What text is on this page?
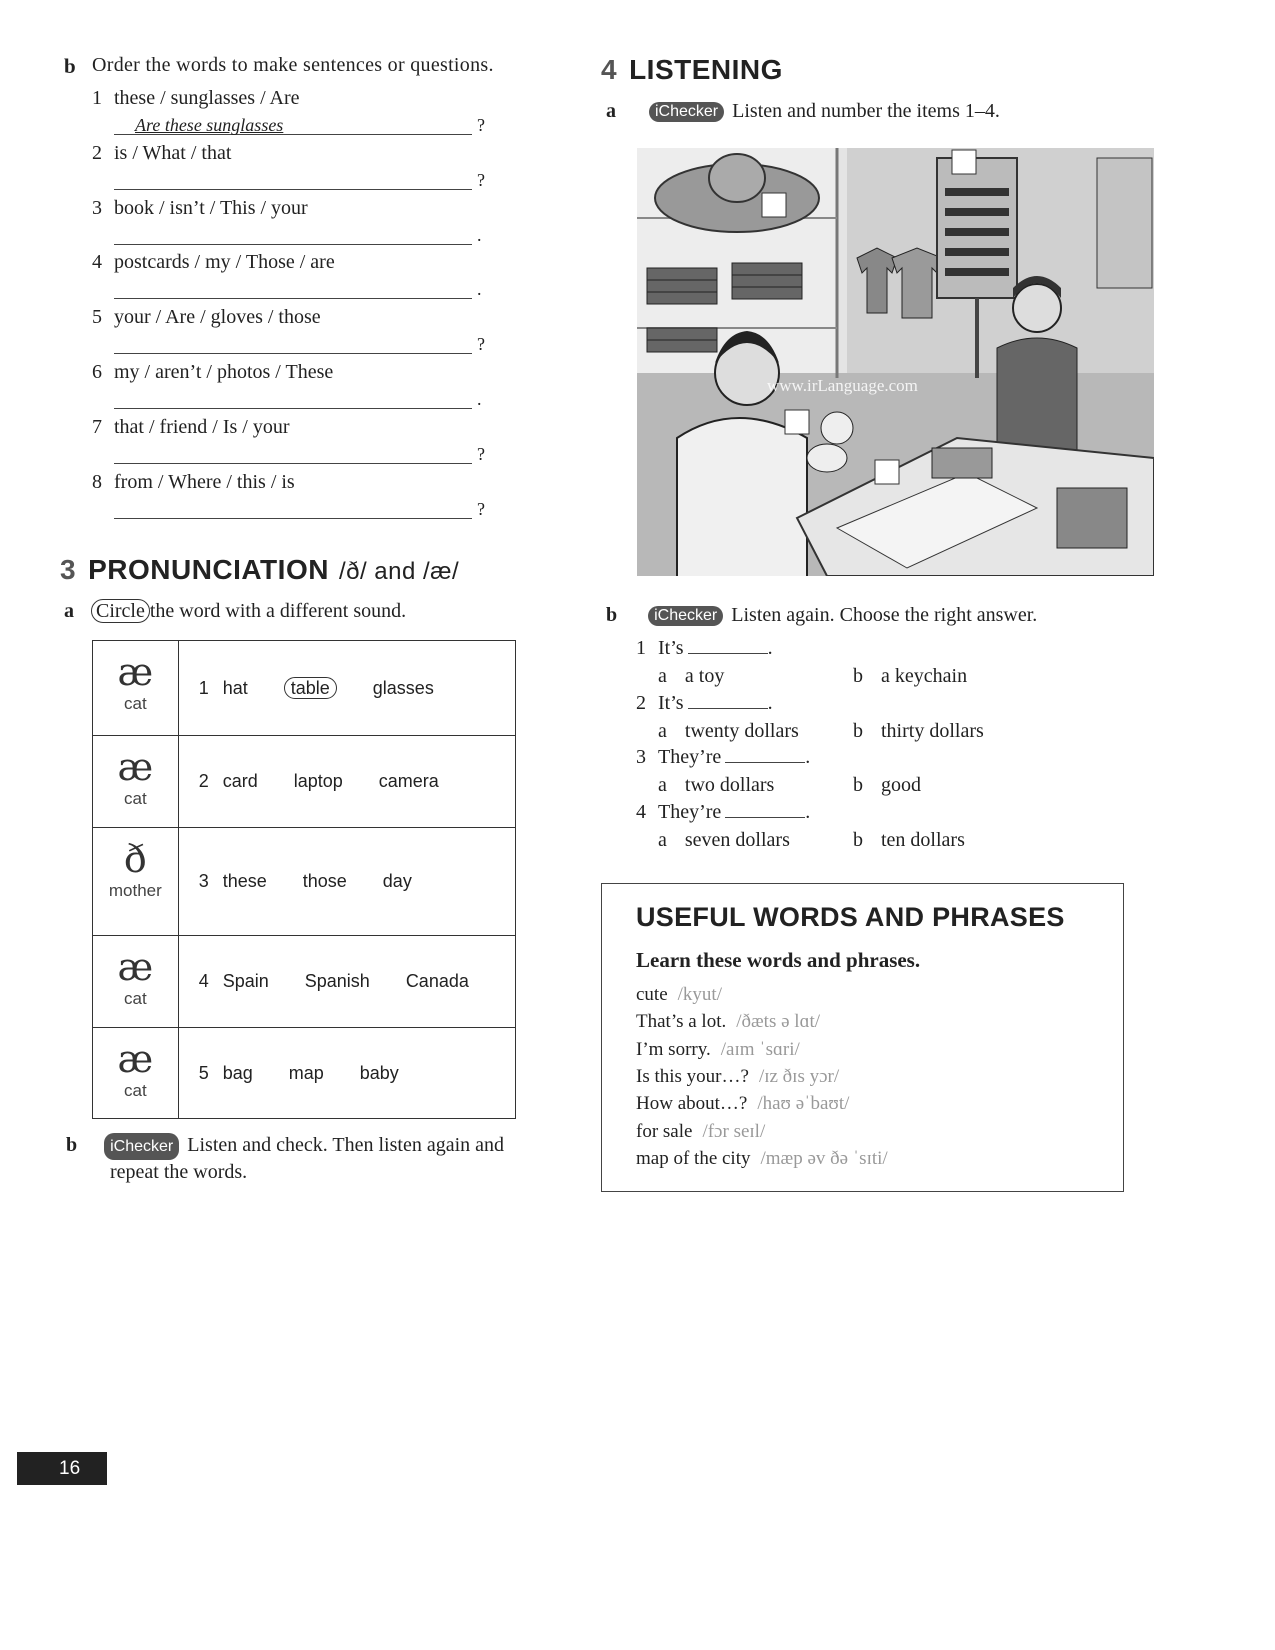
b Order the words to make sentences or questions.
1 these / sunglasses / Are
Are these sunglasses	?
2 is / What / that
?
3 book / isn’t / This / your
.
4 postcards / my / Those / are
.
5 your / Are / gloves / those
?
6 my / aren’t / photos / These
.
7 that / friend / Is / your
?
8 from / Where / this / is
?
3 PRONUNCIATION /ð/ and /æ/
a Circle the word with a different sound.
æ
cat	1 hat table glasses

æ
cat	2 card laptop camera

ð
mother	3 these those day

æ
cat	4 Spain Spanish Canada

æ
cat	5 bag map baby
b iChecker Listen and check. Then listen again and
repeat the words.
4 LISTENING
a iChecker Listen and number the items 1–4.
www.irLanguage.com
b iChecker Listen again. Choose the right answer.
1 It’s	.
a a toy	b a keychain
2 It’s	.
a twenty dollars	b thirty dollars
3 They’re	.
a two dollars	b good
4 They’re	.
a seven dollars	b ten dollars
USEFUL WORDS AND PHRASES
Learn these words and phrases.
cute /kyut/
That’s a lot. /ðæts ə lɑt/
I’m sorry. /aɪm ˈsɑri/
Is this your…? /ɪz ðɪs yɔr/
How about…? /haʊ əˈbaʊt/
for sale /fɔr seɪl/
map of the city /mæp əv ðə ˈsɪti/
16
